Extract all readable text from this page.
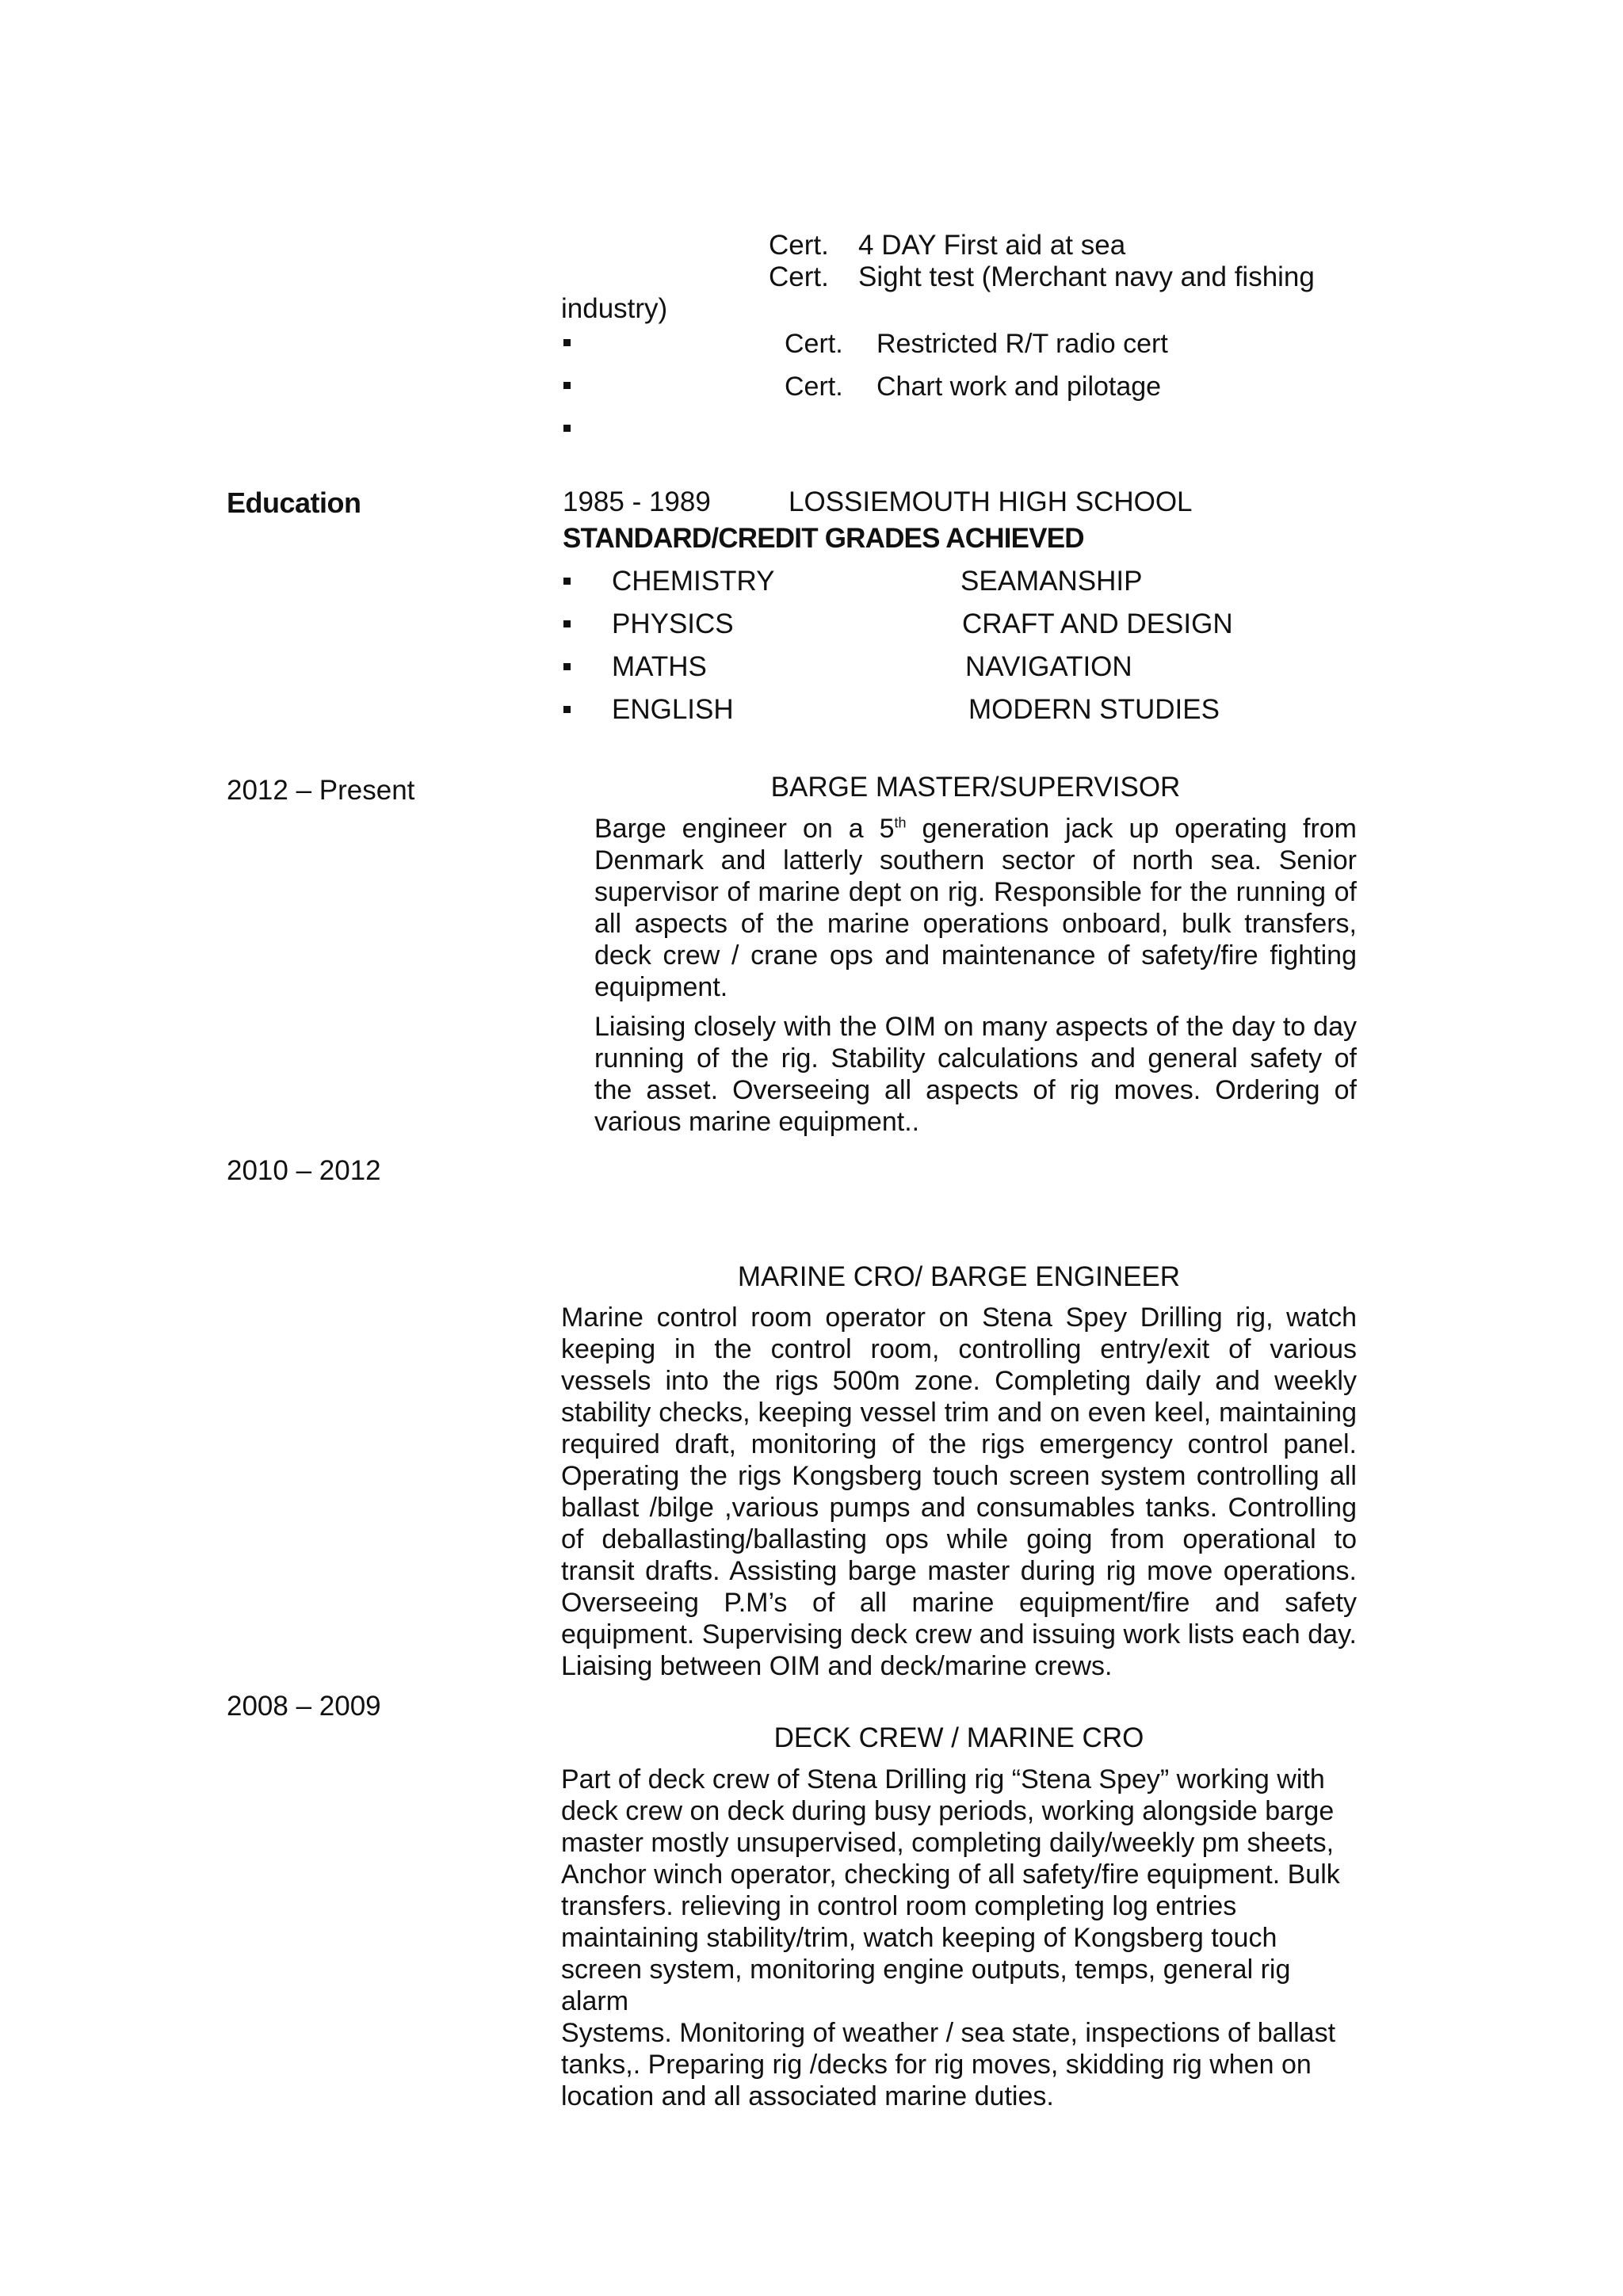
Cert. 4 DAY First aid at sea
Cert. Sight test (Merchant navy and fishing
industry)
Cert. Restricted R/T radio cert
Cert. Chart work and pilotage
Education	1985 - 1989	LOSSIEMOUTH HIGH SCHOOL
STANDARD/CREDIT GRADES ACHIEVED
CHEMISTRY	SEAMANSHIP
PHYSICS	CRAFT AND DESIGN
MATHS	NAVIGATION
ENGLISH	MODERN STUDIES
2012 – Present	BARGE MASTER/SUPERVISOR

Barge engineer on a 5th generation jack up operating from Denmark and latterly southern sector of north sea. Senior supervisor of marine dept on rig. Responsible for the running of all aspects of the marine operations onboard, bulk transfers, deck crew / crane ops and maintenance of safety/fire fighting equipment.

Liaising closely with the OIM on many aspects of the day to day running of the rig. Stability calculations and general safety of the asset. Overseeing all aspects of rig moves. Ordering of various marine equipment..

2010 – 2012
MARINE CRO/ BARGE ENGINEER

Marine control room operator on Stena Spey Drilling rig, watch keeping in the control room, controlling entry/exit of various vessels into the rigs 500m zone. Completing daily and weekly stability checks, keeping vessel trim and on even keel, maintaining required draft, monitoring of the rigs emergency control panel. Operating the rigs Kongsberg touch screen system controlling all ballast /bilge ,various pumps and consumables tanks. Controlling of deballasting/ballasting ops while going from operational to transit drafts. Assisting barge master during rig move operations. Overseeing P.M’s of all marine equipment/fire and safety equipment. Supervising deck crew and issuing work lists each day. Liaising between OIM and deck/marine crews.

2008 – 2009
DECK CREW / MARINE CRO
Part of deck crew of Stena Drilling rig “Stena Spey” working with
deck crew on deck during busy periods, working alongside barge
master mostly unsupervised, completing daily/weekly pm sheets,
Anchor winch operator, checking of all safety/fire equipment. Bulk
transfers. relieving in control room completing log entries
maintaining stability/trim, watch keeping of Kongsberg touch
screen system, monitoring engine outputs, temps, general rig
alarm
Systems. Monitoring of weather / sea state, inspections of ballast
tanks,. Preparing rig /decks for rig moves, skidding rig when on
location and all associated marine duties.
